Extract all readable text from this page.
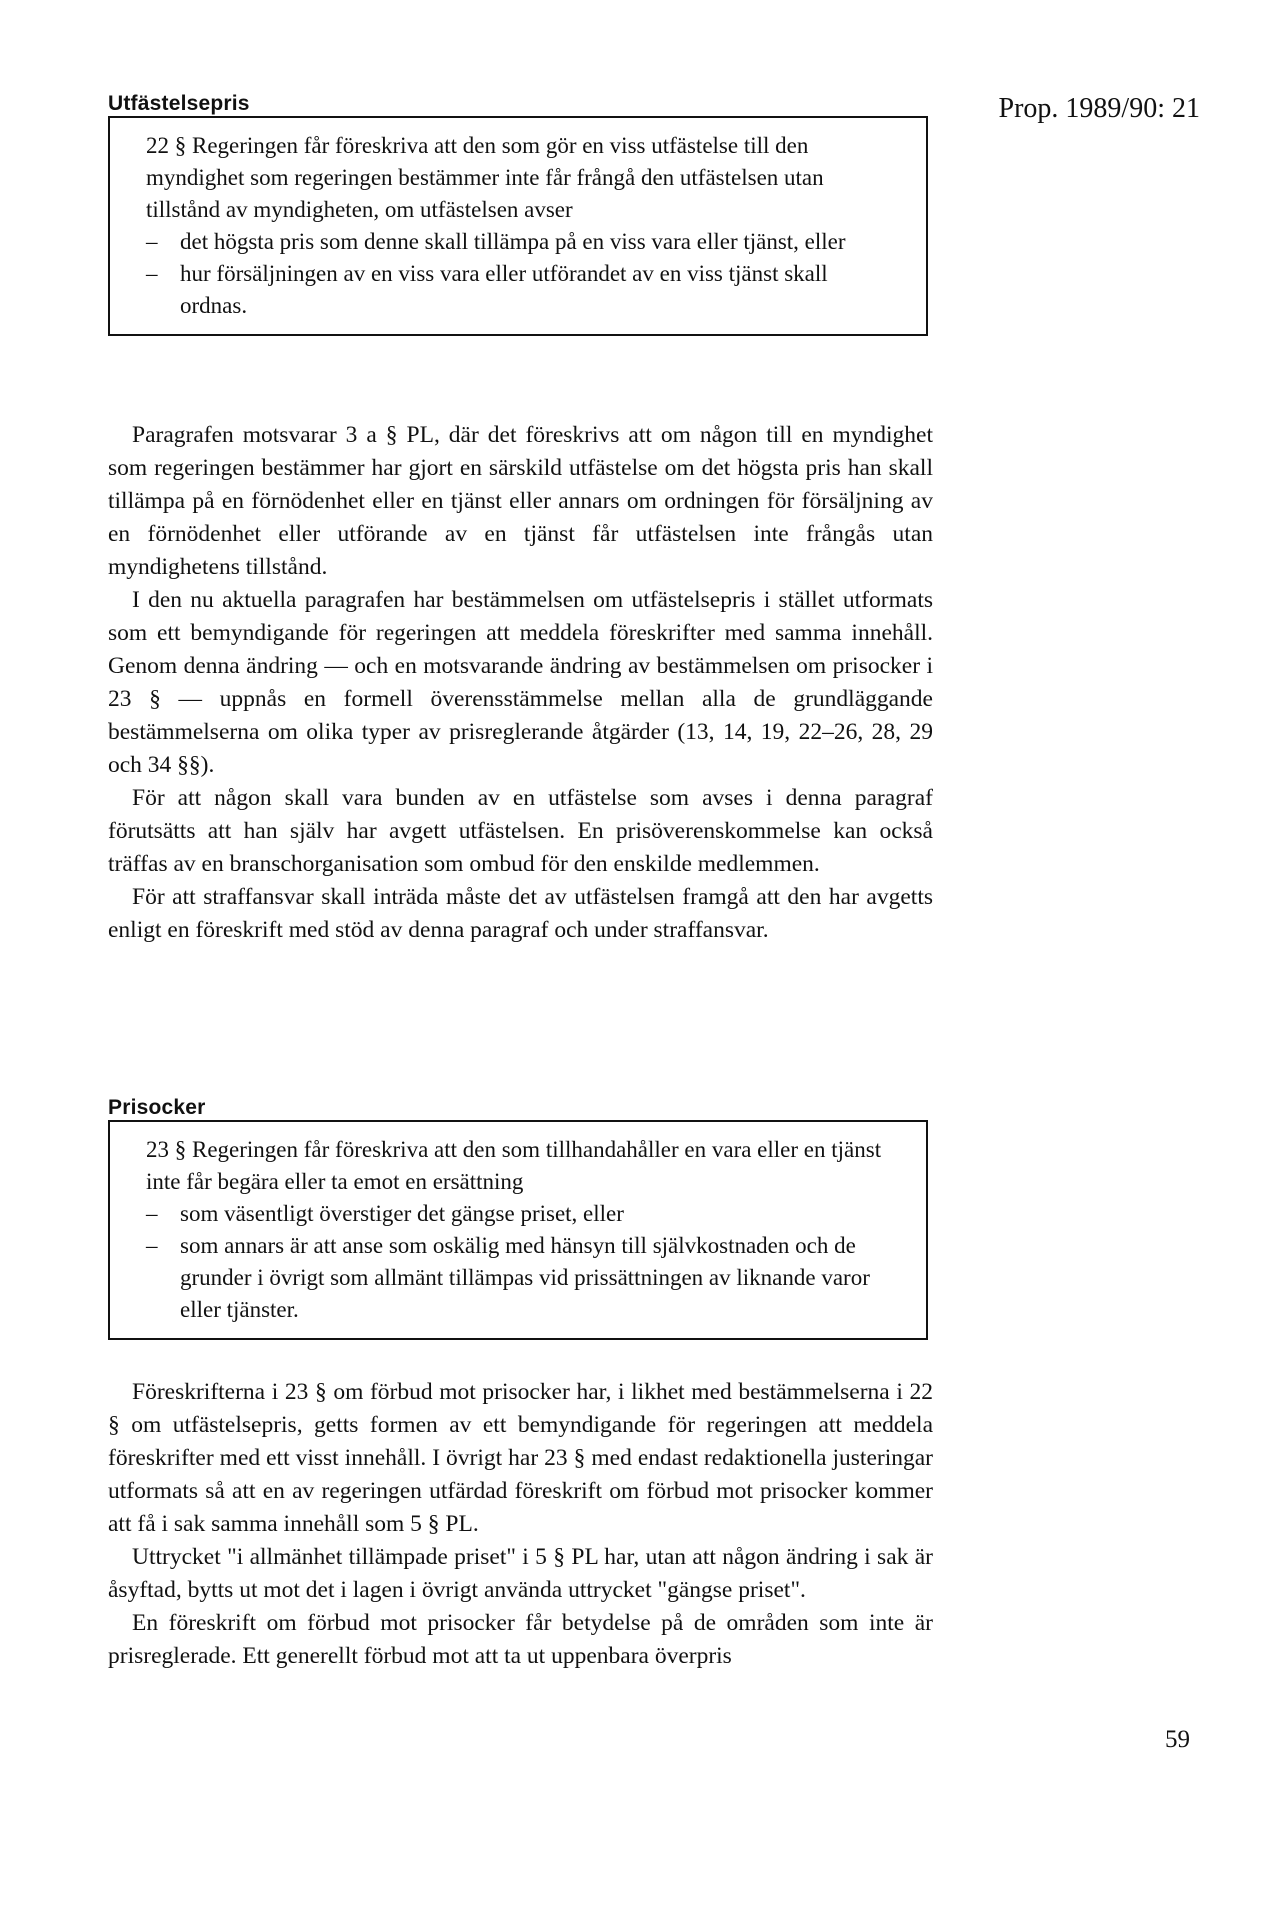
Utfästelsepris	Prop. 1989/90: 21
22 § Regeringen får föreskriva att den som gör en viss utfästelse till den myndighet som regeringen bestämmer inte får frångå den utfästelsen utan tillstånd av myndigheten, om utfästelsen avser
– det högsta pris som denne skall tillämpa på en viss vara eller tjänst, eller
– hur försäljningen av en viss vara eller utförandet av en viss tjänst skall ordnas.

Paragrafen motsvarar 3 a § PL, där det föreskrivs att om någon till en myndighet som regeringen bestämmer har gjort en särskild utfästelse om det högsta pris han skall tillämpa på en förnödenhet eller en tjänst eller annars om ordningen för försäljning av en förnödenhet eller utförande av en tjänst får utfästelsen inte frångås utan myndighetens tillstånd.

I den nu aktuella paragrafen har bestämmelsen om utfästelsepris i stället utformats som ett bemyndigande för regeringen att meddela föreskrifter med samma innehåll. Genom denna ändring — och en motsvarande ändring av bestämmelsen om prisocker i 23 § — uppnås en formell överensstämmelse mellan alla de grundläggande bestämmelserna om olika typer av prisreglerande åtgärder (13, 14, 19, 22–26, 28, 29 och 34 §§).

För att någon skall vara bunden av en utfästelse som avses i denna paragraf förutsätts att han själv har avgett utfästelsen. En prisöverenskommelse kan också träffas av en branschorganisation som ombud för den enskilde medlemmen.

För att straffansvar skall inträda måste det av utfästelsen framgå att den har avgetts enligt en föreskrift med stöd av denna paragraf och under straffansvar.

Prisocker
23 § Regeringen får föreskriva att den som tillhandahåller en vara eller en tjänst inte får begära eller ta emot en ersättning
– som väsentligt överstiger det gängse priset, eller
– som annars är att anse som oskälig med hänsyn till självkostnaden och de grunder i övrigt som allmänt tillämpas vid prissättningen av liknande varor eller tjänster.

Föreskrifterna i 23 § om förbud mot prisocker har, i likhet med bestämmelserna i 22 § om utfästelsepris, getts formen av ett bemyndigande för regeringen att meddela föreskrifter med ett visst innehåll. I övrigt har 23 § med endast redaktionella justeringar utformats så att en av regeringen utfärdad föreskrift om förbud mot prisocker kommer att få i sak samma innehåll som 5 § PL.

Uttrycket "i allmänhet tillämpade priset" i 5 § PL har, utan att någon ändring i sak är åsyftad, bytts ut mot det i lagen i övrigt använda uttrycket "gängse priset".

En föreskrift om förbud mot prisocker får betydelse på de områden som inte är prisreglerade. Ett generellt förbud mot att ta ut uppenbara överpris

59
